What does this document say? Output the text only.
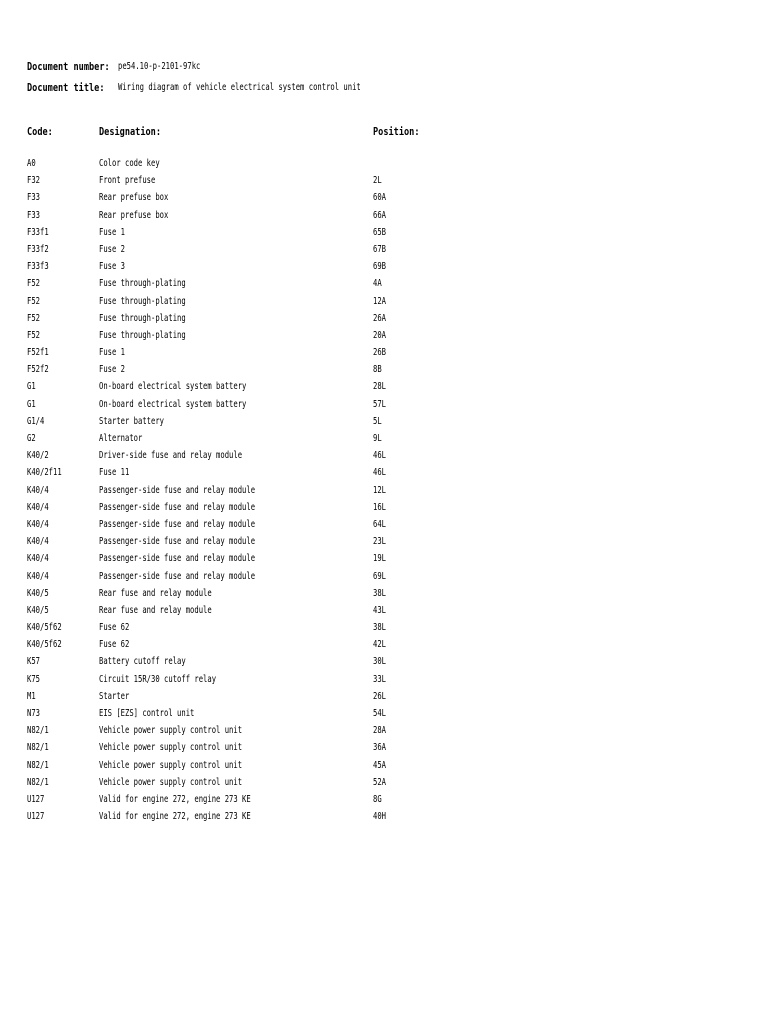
Document number: pe54.10-p-2101-97kc
Document title: Wiring diagram of vehicle electrical system control unit
Code:	Designation:	Position:
A0	Color code key
F32	Front prefuse	2L
F33	Rear prefuse box	60A
F33	Rear prefuse box	66A
F33f1	Fuse 1	65B
F33f2	Fuse 2	67B
F33f3	Fuse 3	69B
F52	Fuse through-plating	4A
F52	Fuse through-plating	12A
F52	Fuse through-plating	26A
F52	Fuse through-plating	20A
F52f1	Fuse 1	26B
F52f2	Fuse 2	8B
G1	On-board electrical system battery	28L
G1	On-board electrical system battery	57L
G1/4	Starter battery	5L
G2	Alternator	9L
K40/2	Driver-side fuse and relay module	46L
K40/2f11	Fuse 11	46L
K40/4	Passenger-side fuse and relay module	12L
K40/4	Passenger-side fuse and relay module	16L
K40/4	Passenger-side fuse and relay module	64L
K40/4	Passenger-side fuse and relay module	23L
K40/4	Passenger-side fuse and relay module	19L
K40/4	Passenger-side fuse and relay module	69L
K40/5	Rear fuse and relay module	38L
K40/5	Rear fuse and relay module	43L
K40/5f62	Fuse 62	38L
K40/5f62	Fuse 62	42L
K57	Battery cutoff relay	30L
K75	Circuit 15R/30 cutoff relay	33L
M1	Starter	26L
N73	EIS [EZS] control unit	54L
N82/1	Vehicle power supply control unit	28A
N82/1	Vehicle power supply control unit	36A
N82/1	Vehicle power supply control unit	45A
N82/1	Vehicle power supply control unit	52A
U127	Valid for engine 272, engine 273 KE	8G
U127	Valid for engine 272, engine 273 KE	40H
